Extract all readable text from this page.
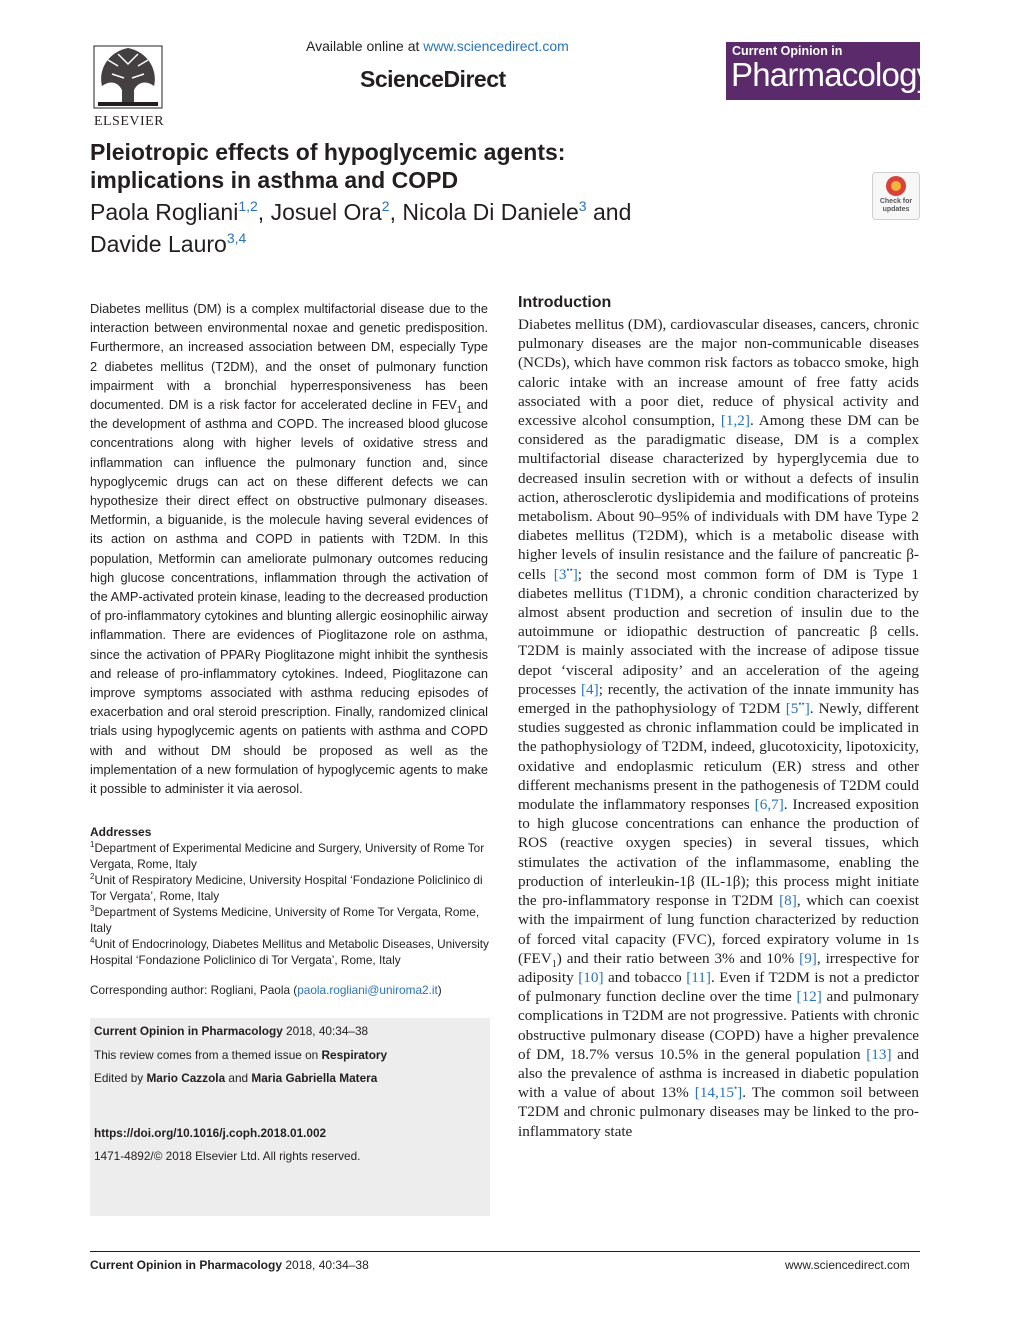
ELSEVIER
Available online at www.sciencedirect.com
ScienceDirect
Current Opinion in
Pharmacology
Pleiotropic effects of hypoglycemic agents:
implications in asthma and COPD
Check for updates
Paola Rogliani$^{1,2}$, Josuel Ora$^2$, Nicola Di Daniele$^3$ and
Davide Lauro$^{3,4}$
Diabetes mellitus (DM) is a complex multifactorial disease due to the interaction between environmental noxae and genetic predisposition. Furthermore, an increased association between DM, especially Type 2 diabetes mellitus (T2DM), and the onset of pulmonary function impairment with a bronchial hyperresponsiveness has been documented. DM is a risk factor for accelerated decline in $FEV_1$ and the development of asthma and COPD. The increased blood glucose concentrations along with higher levels of oxidative stress and inflammation can influence the pulmonary function and, since hypoglycemic drugs can act on these different defects we can hypothesize their direct effect on obstructive pulmonary diseases. Metformin, a biguanide, is the molecule having several evidences of its action on asthma and COPD in patients with T2DM. In this population, Metformin can ameliorate pulmonary outcomes reducing high glucose concentrations, inflammation through the activation of the AMP-activated protein kinase, leading to the decreased production of pro-inflammatory cytokines and blunting allergic eosinophilic airway inflammation. There are evidences of Pioglitazone role on asthma, since the activation of PPARγ Pioglitazone might inhibit the synthesis and release of pro-inflammatory cytokines. Indeed, Pioglitazone can improve symptoms associated with asthma reducing episodes of exacerbation and oral steroid prescription. Finally, randomized clinical trials using hypoglycemic agents on patients with asthma and COPD with and without DM should be proposed as well as the implementation of a new formulation of hypoglycemic agents to make it possible to administer it via aerosol.
Addresses
$^1$Department of Experimental Medicine and Surgery, University of Rome Tor Vergata, Rome, Italy
$^2$Unit of Respiratory Medicine, University Hospital ‘Fondazione Policlinico di Tor Vergata’, Rome, Italy
$^3$Department of Systems Medicine, University of Rome Tor Vergata, Rome, Italy
$^4$Unit of Endocrinology, Diabetes Mellitus and Metabolic Diseases, University Hospital ‘Fondazione Policlinico di Tor Vergata’, Rome, Italy
Corresponding author: Rogliani, Paola (paola.rogliani@uniroma2.it)
Current Opinion in Pharmacology 2018, 40:34–38
This review comes from a themed issue on Respiratory
Edited by Mario Cazzola and Maria Gabriella Matera
https://doi.org/10.1016/j.coph.2018.01.002
1471-4892/© 2018 Elsevier Ltd. All rights reserved.
Introduction
Diabetes mellitus (DM), cardiovascular diseases, cancers, chronic pulmonary diseases are the major non-communicable diseases (NCDs), which have common risk factors as tobacco smoke, high caloric intake with an increase amount of free fatty acids associated with a poor diet, reduce of physical activity and excessive alcohol consumption, [1,2]. Among these DM can be considered as the paradigmatic disease, DM is a complex multifactorial disease characterized by hyperglycemia due to decreased insulin secretion with or without a defects of insulin action, atherosclerotic dyslipidemia and modifications of proteins metabolism. About 90–95% of individuals with DM have Type 2 diabetes mellitus (T2DM), which is a metabolic disease with higher levels of insulin resistance and the failure of pancreatic β-cells [3••]; the second most common form of DM is Type 1 diabetes mellitus (T1DM), a chronic condition characterized by almost absent production and secretion of insulin due to the autoimmune or idiopathic destruction of pancreatic β cells. T2DM is mainly associated with the increase of adipose tissue depot ‘visceral adiposity’ and an acceleration of the ageing processes [4]; recently, the activation of the innate immunity has emerged in the pathophysiology of T2DM [5••]. Newly, different studies suggested as chronic inflammation could be implicated in the pathophysiology of T2DM, indeed, glucotoxicity, lipotoxicity, oxidative and endoplasmic reticulum (ER) stress and other different mechanisms present in the pathogenesis of T2DM could modulate the inflammatory responses [6,7]. Increased exposition to high glucose concentrations can enhance the production of ROS (reactive oxygen species) in several tissues, which stimulates the activation of the inflammasome, enabling the production of interleukin-1β (IL-1β); this process might initiate the pro-inflammatory response in T2DM [8], which can coexist with the impairment of lung function characterized by reduction of forced vital capacity (FVC), forced expiratory volume in 1s $(FEV_1)$ and their ratio between 3% and 10% [9], irrespective for adiposity [10] and tobacco [11]. Even if T2DM is not a predictor of pulmonary function decline over the time [12] and pulmonary complications in T2DM are not progressive. Patients with chronic obstructive pulmonary disease (COPD) have a higher prevalence of DM, 18.7% versus 10.5% in the general population [13] and also the prevalence of asthma is increased in diabetic population with a value of about 13% [14,15•]. The common soil between T2DM and chronic pulmonary diseases may be linked to the pro-inflammatory state
Current Opinion in Pharmacology 2018, 40:34–38	www.sciencedirect.com
